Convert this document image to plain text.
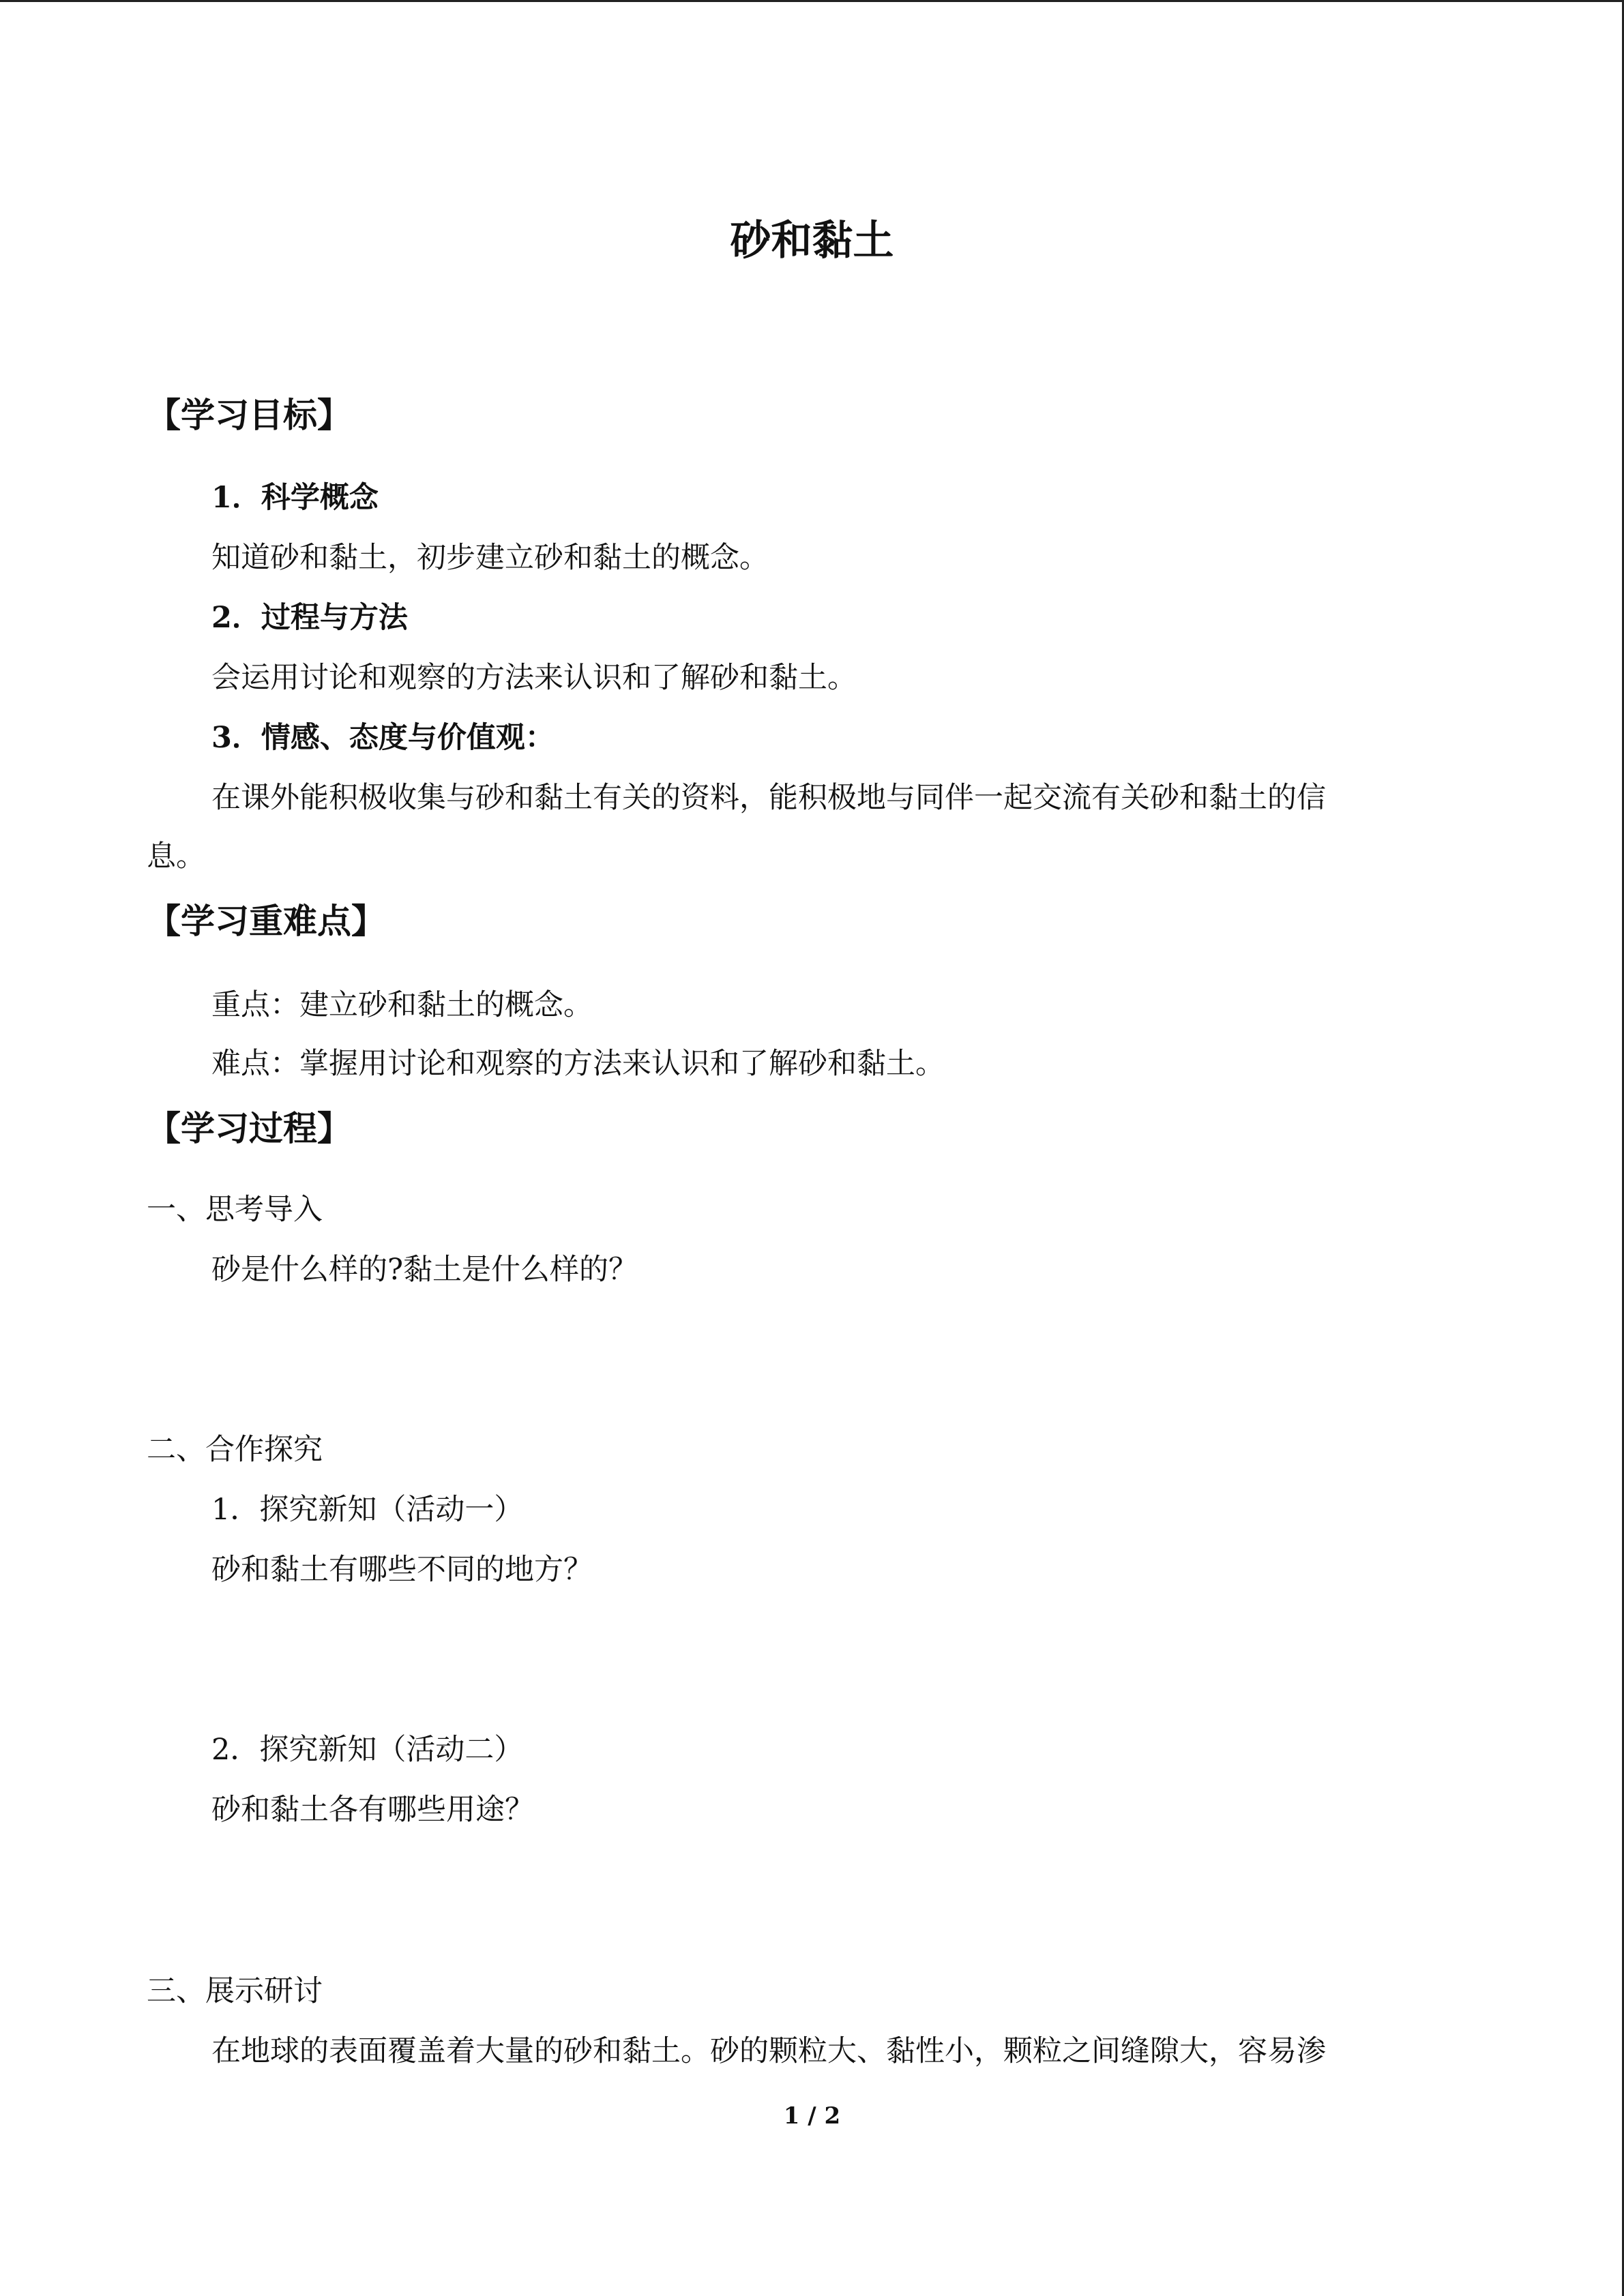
砂和黏土
【学习目标】
1．科学概念
知道砂和黏土，初步建立砂和黏土的概念。
2．过程与方法
会运用讨论和观察的方法来认识和了解砂和黏土。
3．情感、态度与价值观：
在课外能积极收集与砂和黏土有关的资料，能积极地与同伴一起交流有关砂和黏土的信
息。
【学习重难点】
重点：建立砂和黏土的概念。
难点：掌握用讨论和观察的方法来认识和了解砂和黏土。
【学习过程】
一、思考导入
砂是什么样的?黏土是什么样的？
二、合作探究
1．探究新知（活动一）
砂和黏土有哪些不同的地方？
2．探究新知（活动二）
砂和黏土各有哪些用途？
三、展示研讨
在地球的表面覆盖着大量的砂和黏土。砂的颗粒大、黏性小，颗粒之间缝隙大，容易渗
1 / 2
